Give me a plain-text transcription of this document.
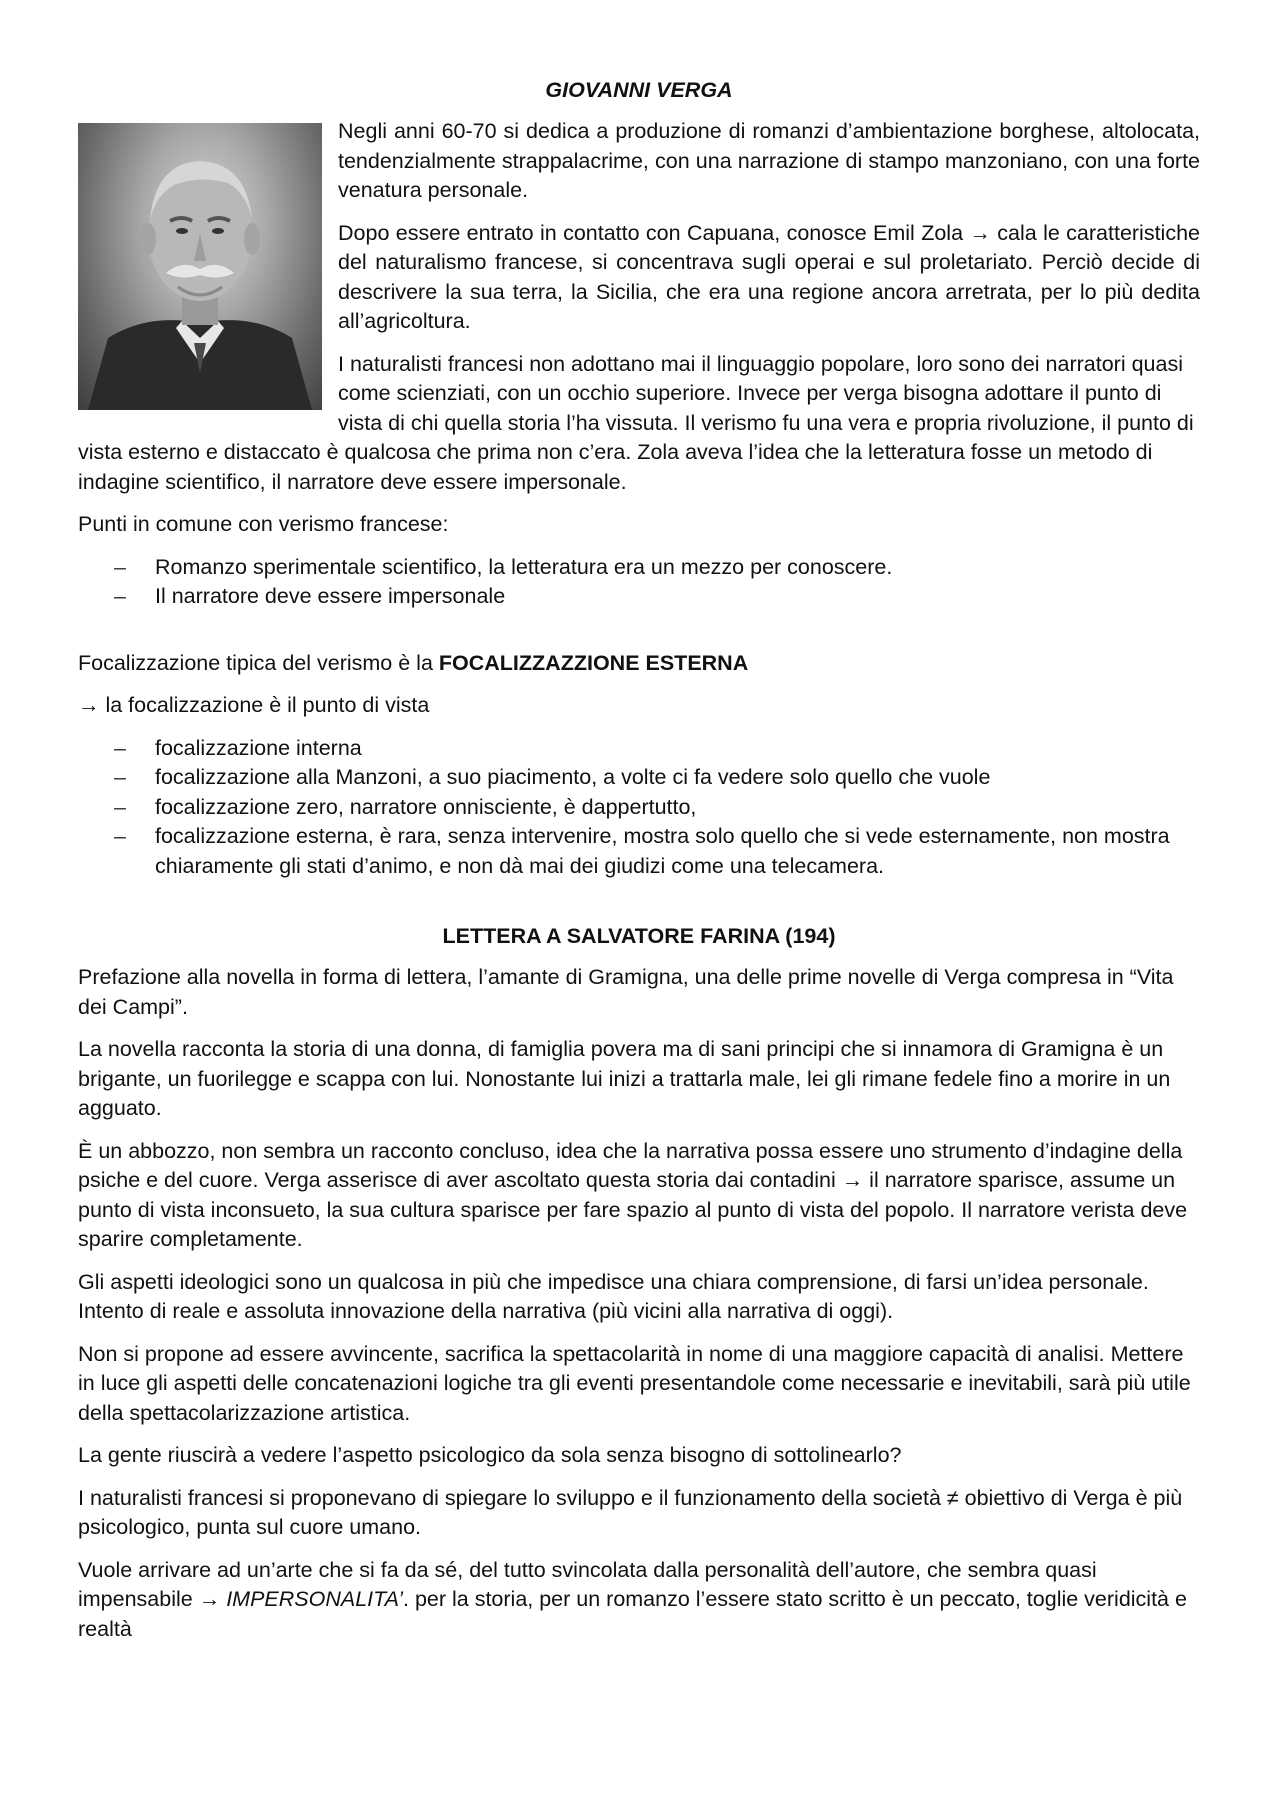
GIOVANNI VERGA

Negli anni 60-70 si dedica a produzione di romanzi d’ambientazione borghese, altolocata, tendenzialmente strappalacrime, con una narrazione di stampo manzoniano, con una forte venatura personale.

Dopo essere entrato in contatto con Capuana, conosce Emil Zola → cala le caratteristiche del naturalismo francese, si concentrava sugli operai e sul proletariato. Perciò decide di descrivere la sua terra, la Sicilia, che era una regione ancora arretrata, per lo più dedita all’agricoltura.

I naturalisti francesi non adottano mai il linguaggio popolare, loro sono dei narratori quasi come scienziati, con un occhio superiore. Invece per verga bisogna adottare il punto di vista di chi quella storia l’ha vissuta. Il verismo fu una vera e propria rivoluzione, il punto di vista esterno e distaccato è qualcosa che prima non c’era. Zola aveva l’idea che la letteratura fosse un metodo di indagine scientifico, il narratore deve essere impersonale.

Punti in comune con verismo francese:

– Romanzo sperimentale scientifico, la letteratura era un mezzo per conoscere.
– Il narratore deve essere impersonale

Focalizzazione tipica del verismo è la FOCALIZZAZZIONE ESTERNA

→ la focalizzazione è il punto di vista

– focalizzazione interna
– focalizzazione alla Manzoni, a suo piacimento, a volte ci fa vedere solo quello che vuole
– focalizzazione zero, narratore onnisciente, è dappertutto,
– focalizzazione esterna, è rara, senza intervenire, mostra solo quello che si vede esternamente, non mostra chiaramente gli stati d’animo, e non dà mai dei giudizi come una telecamera.
LETTERA A SALVATORE FARINA (194)

Prefazione alla novella in forma di lettera, l’amante di Gramigna, una delle prime novelle di Verga compresa in “Vita dei Campi”.

La novella racconta la storia di una donna, di famiglia povera ma di sani principi che si innamora di Gramigna è un brigante, un fuorilegge e scappa con lui. Nonostante lui inizi a trattarla male, lei gli rimane fedele fino a morire in un agguato.

È un abbozzo, non sembra un racconto concluso, idea che la narrativa possa essere uno strumento d’indagine della psiche e del cuore. Verga asserisce di aver ascoltato questa storia dai contadini → il narratore sparisce, assume un punto di vista inconsueto, la sua cultura sparisce per fare spazio al punto di vista del popolo. Il narratore verista deve sparire completamente.

Gli aspetti ideologici sono un qualcosa in più che impedisce una chiara comprensione, di farsi un’idea personale. Intento di reale e assoluta innovazione della narrativa (più vicini alla narrativa di oggi).

Non si propone ad essere avvincente, sacrifica la spettacolarità in nome di una maggiore capacità di analisi. Mettere in luce gli aspetti delle concatenazioni logiche tra gli eventi presentandole come necessarie e inevitabili, sarà più utile della spettacolarizzazione artistica.

La gente riuscirà a vedere l’aspetto psicologico da sola senza bisogno di sottolinearlo?

I naturalisti francesi si proponevano di spiegare lo sviluppo e il funzionamento della società ≠ obiettivo di Verga è più psicologico, punta sul cuore umano.

Vuole arrivare ad un’arte che si fa da sé, del tutto svincolata dalla personalità dell’autore, che sembra quasi impensabile → IMPERSONALITA’. per la storia, per un romanzo l’essere stato scritto è un peccato, toglie veridicità e realtà
